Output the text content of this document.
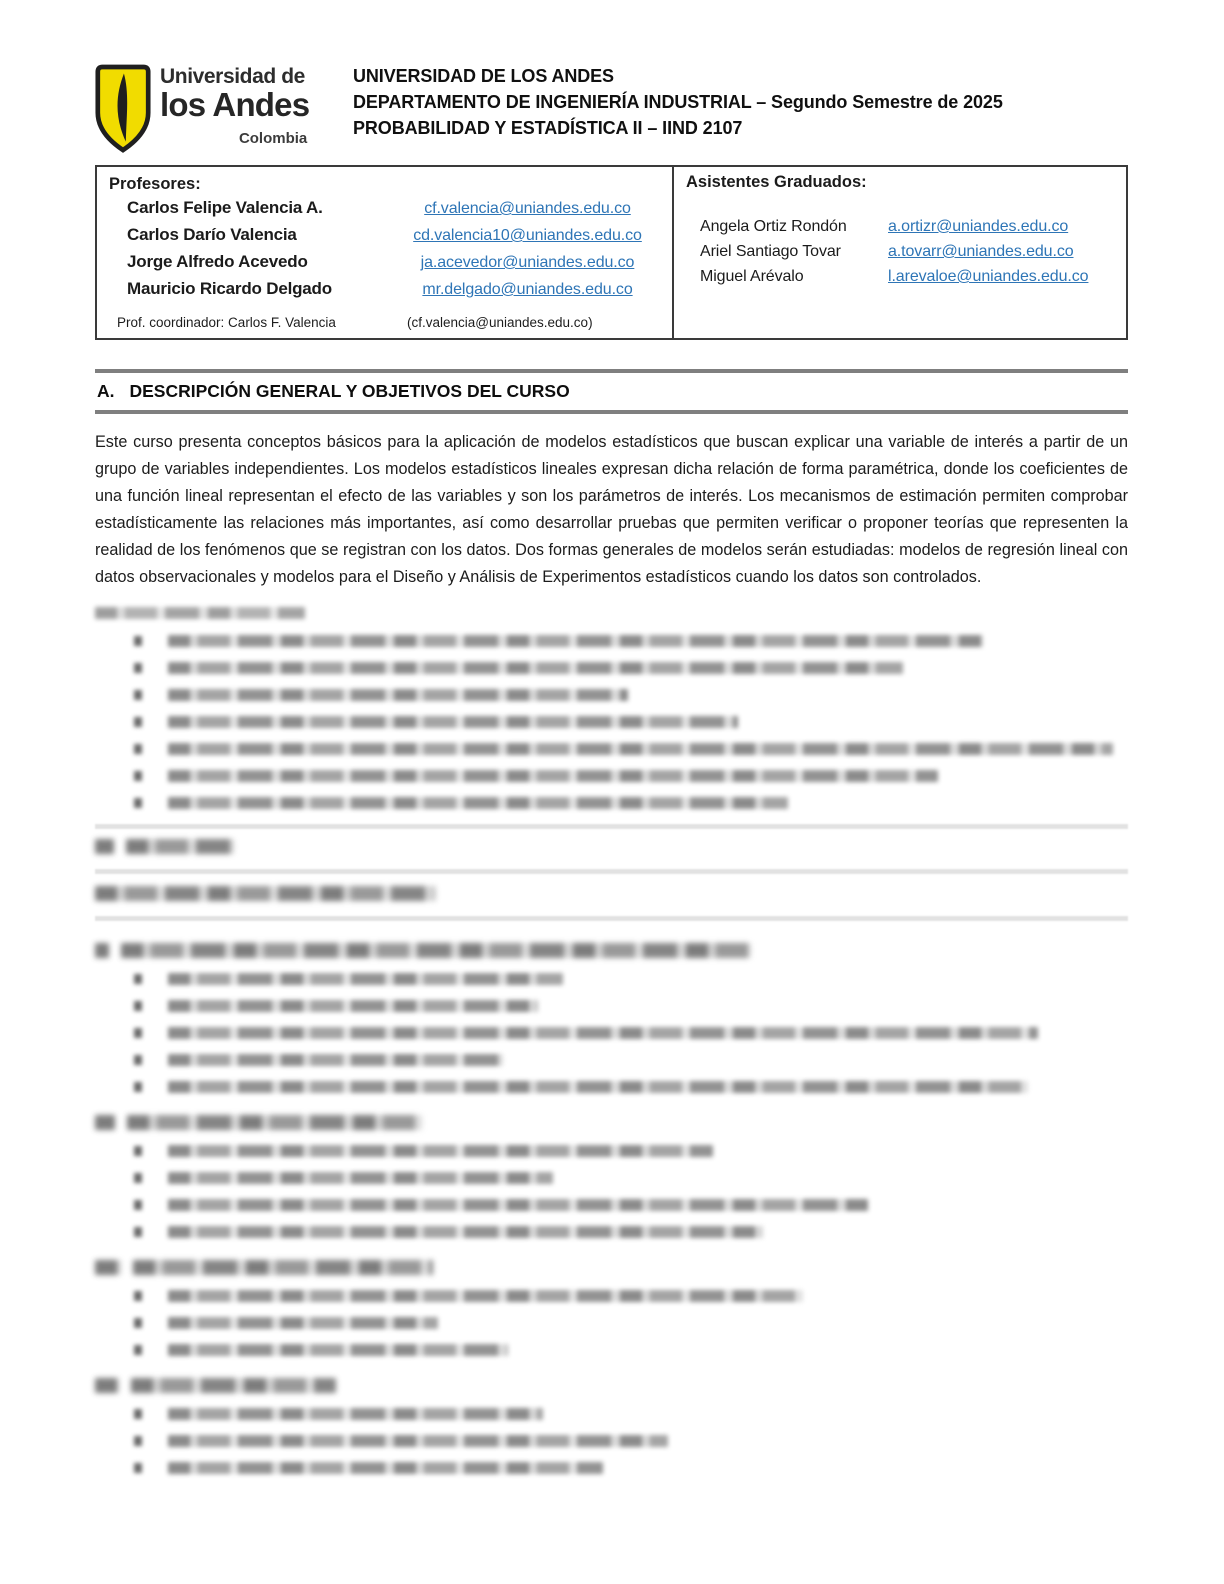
Universidad de
los Andes
Colombia
UNIVERSIDAD DE LOS ANDES
DEPARTAMENTO DE INGENIERÍA INDUSTRIAL – Segundo Semestre de 2025
PROBABILIDAD Y ESTADÍSTICA II – IIND 2107
Profesores:
Carlos Felipe Valencia A.	cf.valencia@uniandes.edu.co
Carlos Darío Valencia	cd.valencia10@uniandes.edu.co
Jorge Alfredo Acevedo	ja.acevedor@uniandes.edu.co
Mauricio Ricardo Delgado	mr.delgado@uniandes.edu.co
Prof. coordinador: Carlos F. Valencia	(cf.valencia@uniandes.edu.co)
Asistentes Graduados:
Angela Ortiz Rondón	a.ortizr@uniandes.edu.co
Ariel Santiago Tovar	a.tovarr@uniandes.edu.co
Miguel Arévalo	l.arevaloe@uniandes.edu.co
A. DESCRIPCIÓN GENERAL Y OBJETIVOS DEL CURSO

Este curso presenta conceptos básicos para la aplicación de modelos estadísticos que buscan explicar una variable de interés a partir de un grupo de variables independientes. Los modelos estadísticos lineales expresan dicha relación de forma paramétrica, donde los coeficientes de una función lineal representan el efecto de las variables y son los parámetros de interés. Los mecanismos de estimación permiten comprobar estadísticamente las relaciones más importantes, así como desarrollar pruebas que permiten verificar o proponer teorías que representen la realidad de los fenómenos que se registran con los datos. Dos formas generales de modelos serán estudiadas: modelos de regresión lineal con datos observacionales y modelos para el Diseño y Análisis de Experimentos estadísticos cuando los datos son controlados.
